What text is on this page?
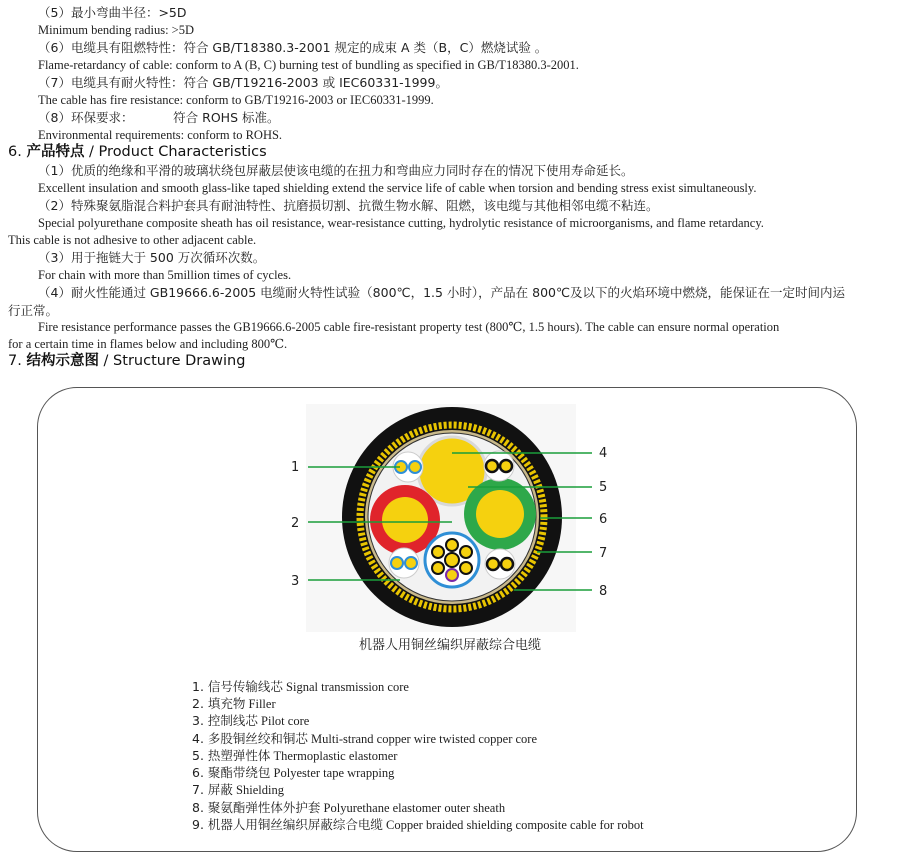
（5）最小弯曲半径：>5D
Minimum bending radius: >5D
（6）电缆具有阻燃特性：符合 GB/T18380.3-2001 规定的成束 A 类（B，C）燃烧试验 。
Flame-retardancy of cable: conform to A (B, C) burning test of bundling as specified in GB/T18380.3-2001.
（7）电缆具有耐火特性：符合 GB/T19216-2003 或 IEC60331-1999。
The cable has fire resistance: conform to GB/T19216-2003 or IEC60331-1999.
（8）环保要求：          符合 ROHS 标准。
Environmental requirements: conform to ROHS.
6. 产品特点 / Product Characteristics
（1）优质的绝缘和平滑的玻璃状绕包屏蔽层使该电缆的在扭力和弯曲应力同时存在的情况下使用寿命延长。
Excellent insulation and smooth glass-like taped shielding extend the service life of cable when torsion and bending stress exist simultaneously.
（2）特殊聚氨脂混合料护套具有耐油特性、抗磨损切割、抗微生物水解、阻燃，该电缆与其他相邻电缆不粘连。
Special polyurethane composite sheath has oil resistance, wear-resistance cutting, hydrolytic resistance of microorganisms, and flame retardancy.
This cable is not adhesive to other adjacent cable.
（3）用于拖链大于 500 万次循环次数。
For chain with more than 5million times of cycles.
（4）耐火性能通过 GB19666.6-2005 电缆耐火特性试验（800℃，1.5 小时），产品在 800℃及以下的火焰环境中燃烧，能保证在一定时间内运
行正常。
Fire resistance performance passes the GB19666.6-2005 cable fire-resistant property test (800℃, 1.5 hours). The cable can ensure normal operation
for a certain time in flames below and including 800℃.
7. 结构示意图 / Structure Drawing
1
2
3
4
5
6
7
8
机器人用铜丝编织屏蔽综合电缆
1. 信号传输线芯 Signal transmission core
2. 填充物 Filler
3. 控制线芯 Pilot core
4. 多股铜丝绞和铜芯 Multi-strand copper wire twisted copper core
5. 热塑弹性体 Thermoplastic elastomer
6. 聚酯带绕包 Polyester tape wrapping
7. 屏蔽 Shielding
8. 聚氨酯弹性体外护套 Polyurethane elastomer outer sheath
9. 机器人用铜丝编织屏蔽综合电缆 Copper braided shielding composite cable for robot
